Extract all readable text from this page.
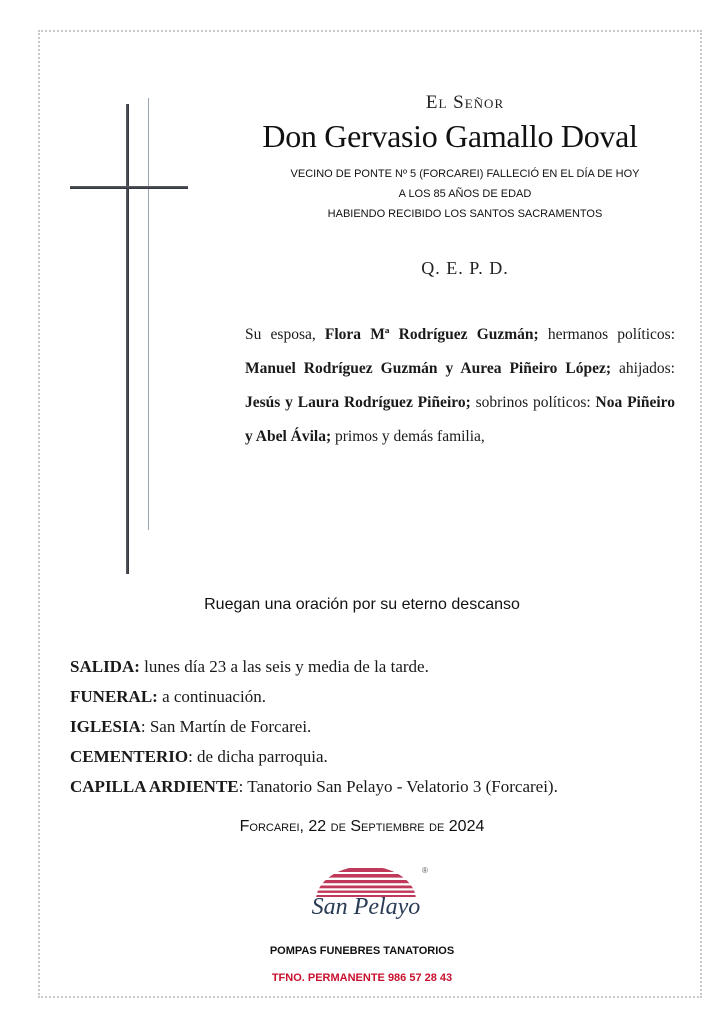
El Señor
Don Gervasio Gamallo Doval
VECINO DE PONTE Nº 5 (FORCAREI) FALLECIÓ EN EL DÍA DE HOY
A LOS 85 AÑOS DE EDAD
HABIENDO RECIBIDO LOS SANTOS SACRAMENTOS
Q. E. P. D.
Su esposa, Flora Mª Rodríguez Guzmán; hermanos políticos: Manuel Rodríguez Guzmán y Aurea Piñeiro López; ahijados: Jesús y Laura Rodríguez Piñeiro; sobrinos políticos: Noa Piñeiro y Abel Ávila; primos y demás familia,
Ruegan una oración por su eterno descanso
SALIDA: lunes día 23 a las seis y media de la tarde.
FUNERAL: a continuación.
IGLESIA: San Martín de Forcarei.
CEMENTERIO: de dicha parroquia.
CAPILLA ARDIENTE: Tanatorio San Pelayo - Velatorio 3 (Forcarei).
Forcarei, 22 de Septiembre de 2024
®
San Pelayo
POMPAS FUNEBRES TANATORIOS
TFNO. PERMANENTE 986 57 28 43
